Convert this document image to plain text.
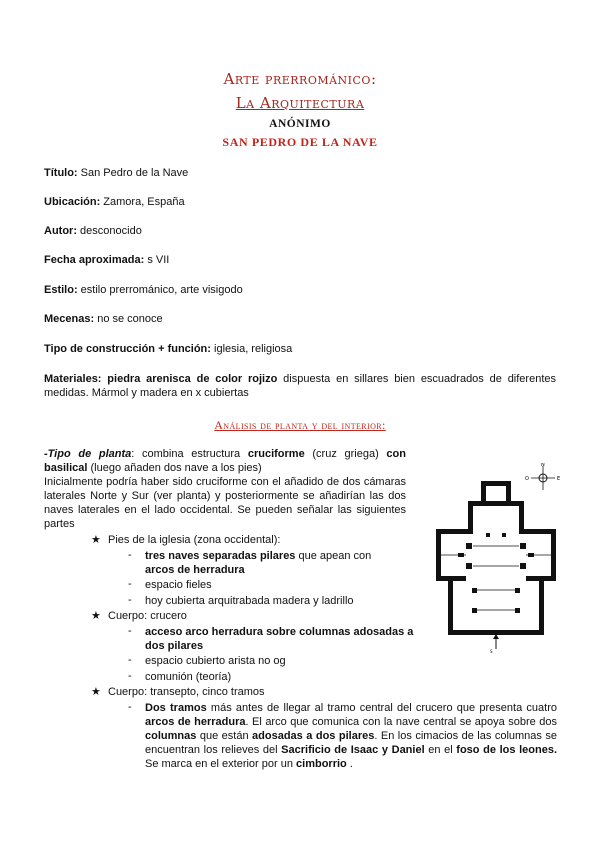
Arte prerrománico:
La Arquitectura
ANÓNIMO
SAN PEDRO DE LA NAVE
Título: San Pedro de la Nave
Ubicación: Zamora, España
Autor: desconocido
Fecha aproximada: s VII
Estilo: estilo prerrománico, arte visigodo
Mecenas: no se conoce
Tipo de construcción + función: iglesia, religiosa
Materiales: piedra arenisca de color rojizo dispuesta en sillares bien escuadrados de diferentes medidas. Mármol y madera en x cubiertas
Análisis de planta y del interior:
-Tipo de planta: combina estructura cruciforme (cruz griega) con basilical (luego añaden dos nave a los pies)
Inicialmente podría haber sido cruciforme con el añadido de dos cámaras laterales Norte y Sur (ver planta) y posteriormente se añadirían las dos naves laterales en el lado occidental. Se pueden señalar las siguientes partes
★ Pies de la iglesia (zona occidental):
- tres naves separadas pilares que apean con arcos de herradura
- espacio fieles
- hoy cubierta arquitrabada madera y ladrillo
★ Cuerpo: crucero
- acceso arco herradura sobre columnas adosadas a dos pilares
- espacio cubierto arista no og
- comunión (teoría)
★ Cuerpo: transepto, cinco tramos
- Dos tramos más antes de llegar al tramo central del crucero que presenta cuatro arcos de herradura. El arco que comunica con la nave central se apoya sobre dos columnas que están adosadas a dos pilares. En los cimacios de las columnas se encuentran los relieves del Sacrificio de Isaac y Daniel en el foso de los leones. Se marca en el exterior por un cimborrio .
N
E
O
S
